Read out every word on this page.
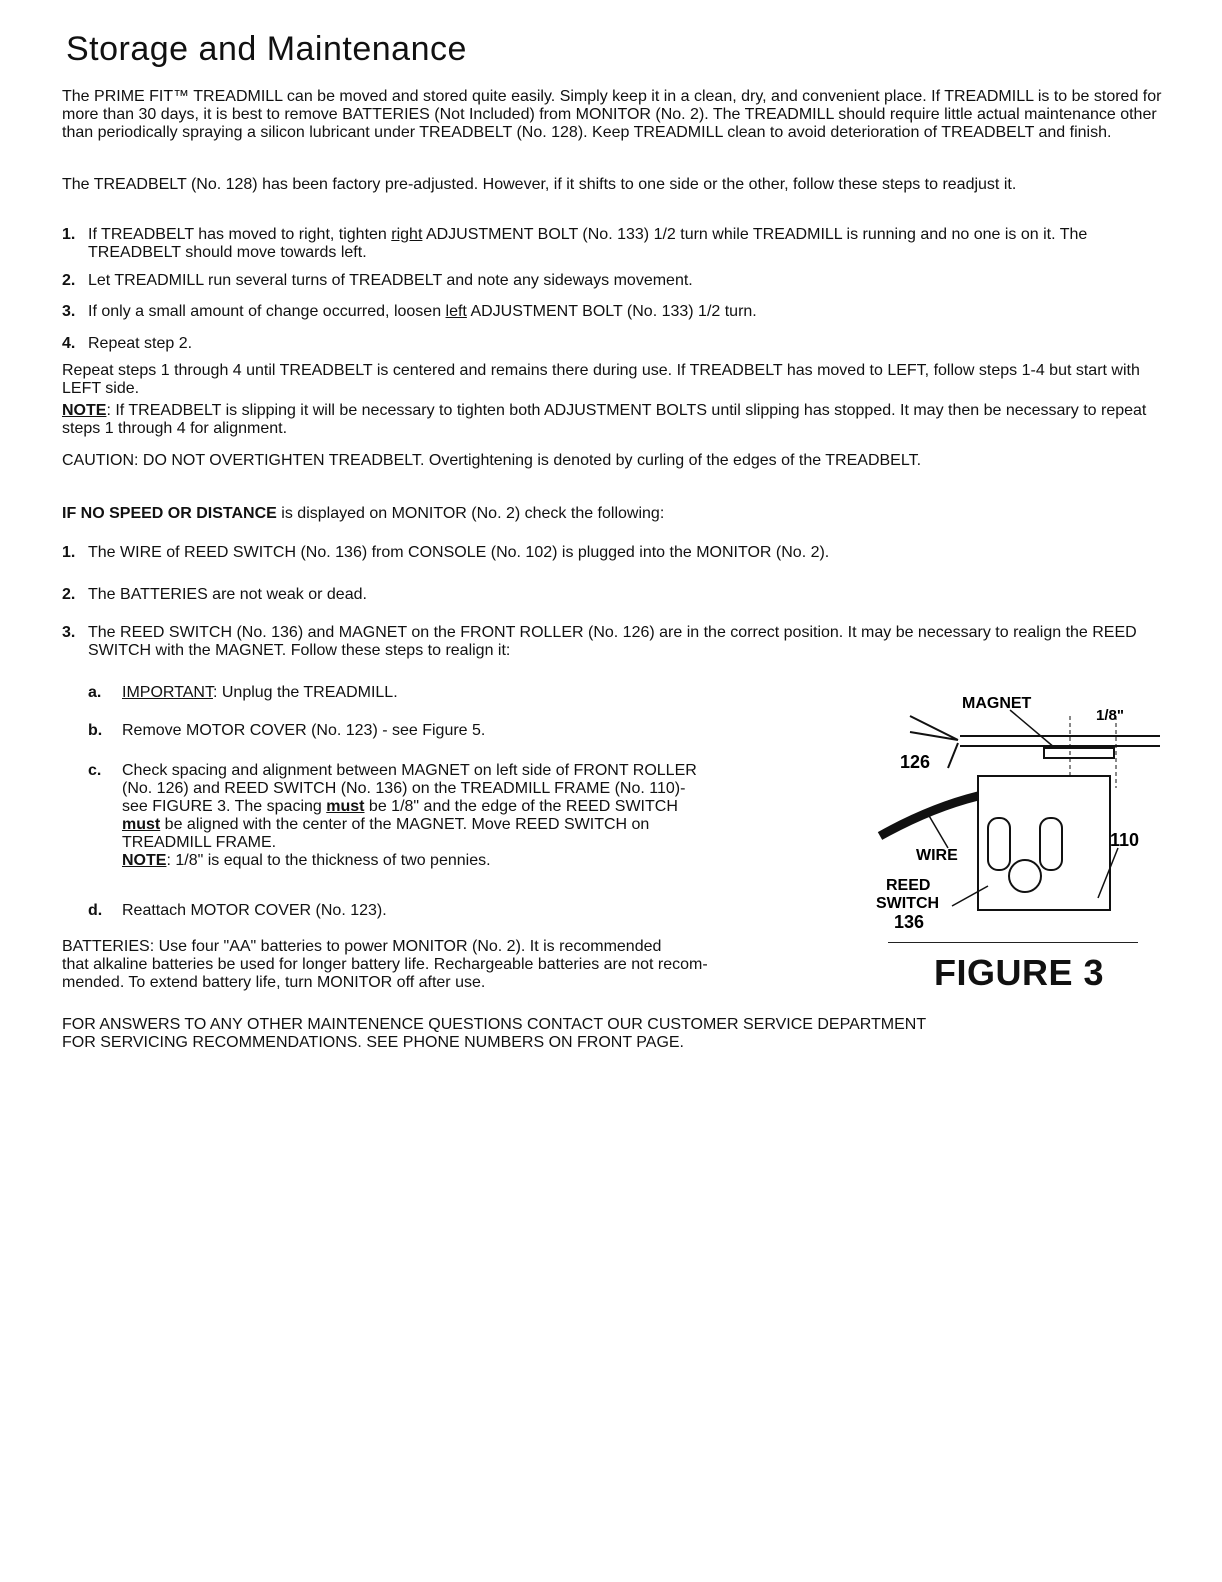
Storage and Maintenance
The PRIME FIT™ TREADMILL can be moved and stored quite easily. Simply keep it in a clean, dry, and convenient place. If TREADMILL is to be stored for more than 30 days, it is best to remove BATTERIES (Not Included) from MONITOR (No. 2). The TREADMILL should require little actual maintenance other than periodically spraying a silicon lubricant under TREADBELT (No. 128). Keep TREADMILL clean to avoid deterioration of TREADBELT and finish.
The TREADBELT (No. 128) has been factory pre-adjusted. However, if it shifts to one side or the other, follow these steps to readjust it.
1. If TREADBELT has moved to right, tighten right ADJUSTMENT BOLT (No. 133) 1/2 turn while TREADMILL is running and no one is on it. The TREADBELT should move towards left.
2. Let TREADMILL run several turns of TREADBELT and note any sideways movement.
3. If only a small amount of change occurred, loosen left ADJUSTMENT BOLT (No. 133) 1/2 turn.
4. Repeat step 2.
Repeat steps 1 through 4 until TREADBELT is centered and remains there during use. If TREADBELT has moved to LEFT, follow steps 1-4 but start with LEFT side.
NOTE: If TREADBELT is slipping it will be necessary to tighten both ADJUSTMENT BOLTS until slipping has stopped. It may then be necessary to repeat steps 1 through 4 for alignment.
CAUTION: DO NOT OVERTIGHTEN TREADBELT. Overtightening is denoted by curling of the edges of the TREADBELT.
IF NO SPEED OR DISTANCE is displayed on MONITOR (No. 2) check the following:
1. The WIRE of REED SWITCH (No. 136) from CONSOLE (No. 102) is plugged into the MONITOR (No. 2).
2. The BATTERIES are not weak or dead.
3. The REED SWITCH (No. 136) and MAGNET on the FRONT ROLLER (No. 126) are in the correct position. It may be necessary to realign the REED SWITCH with the MAGNET. Follow these steps to realign it:
a. IMPORTANT: Unplug the TREADMILL.
b. Remove MOTOR COVER (No. 123) - see Figure 5.
c. Check spacing and alignment between MAGNET on left side of FRONT ROLLER
(No. 126) and REED SWITCH (No. 136) on the TREADMILL FRAME (No. 110)-
see FIGURE 3. The spacing must be 1/8" and the edge of the REED SWITCH
must be aligned with the center of the MAGNET. Move REED SWITCH on
TREADMILL FRAME.
NOTE: 1/8" is equal to the thickness of two pennies.
d. Reattach MOTOR COVER (No. 123).
BATTERIES: Use four "AA" batteries to power MONITOR (No. 2). It is recommended
that alkaline batteries be used for longer battery life. Rechargeable batteries are not recom-
mended. To extend battery life, turn MONITOR off after use.
FOR ANSWERS TO ANY OTHER MAINTENENCE QUESTIONS CONTACT OUR CUSTOMER SERVICE DEPARTMENT
FOR SERVICING RECOMMENDATIONS. SEE PHONE NUMBERS ON FRONT PAGE.
MAGNET
1/8"
126
110
WIRE
REED
SWITCH
136
FIGURE 3
